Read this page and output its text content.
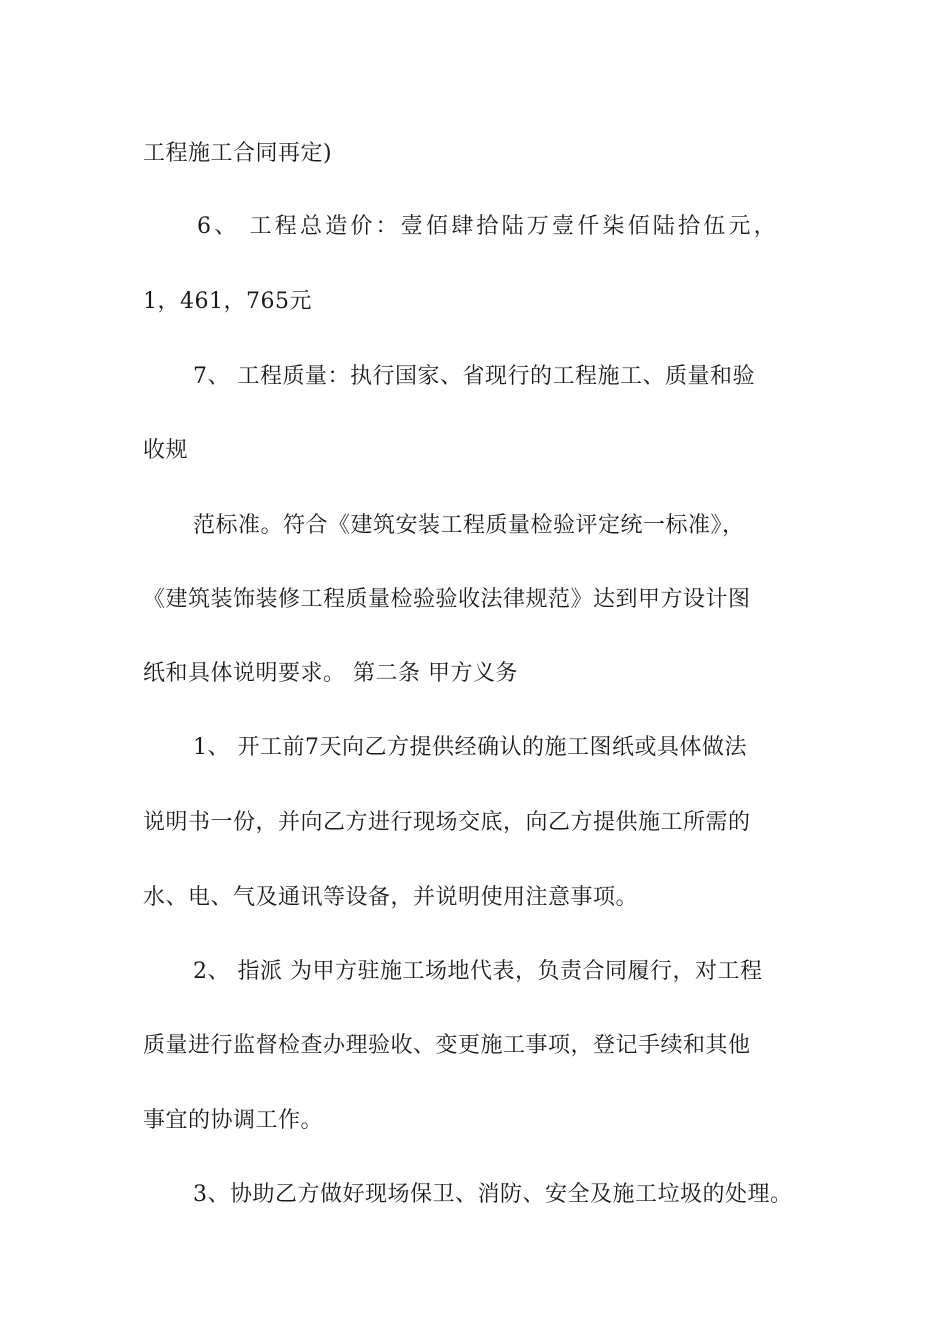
工程施工合同再定)
6、 工程总造价：壹佰肆拾陆万壹仟柒佰陆拾伍元，
1，461，765元
7、 工程质量：执行国家、省现行的工程施工、质量和验
收规
范标准。符合《建筑安装工程质量检验评定统一标准》，
《建筑装饰装修工程质量检验验收法律规范》达到甲方设计图
纸和具体说明要求。 第二条 甲方义务
1、 开工前7天向乙方提供经确认的施工图纸或具体做法
说明书一份，并向乙方进行现场交底，向乙方提供施工所需的
水、电、气及通讯等设备，并说明使用注意事项。
2、 指派 为甲方驻施工场地代表，负责合同履行，对工程
质量进行监督检查办理验收、变更施工事项，登记手续和其他
事宜的协调工作。
3、协助乙方做好现场保卫、消防、安全及施工垃圾的处理。
